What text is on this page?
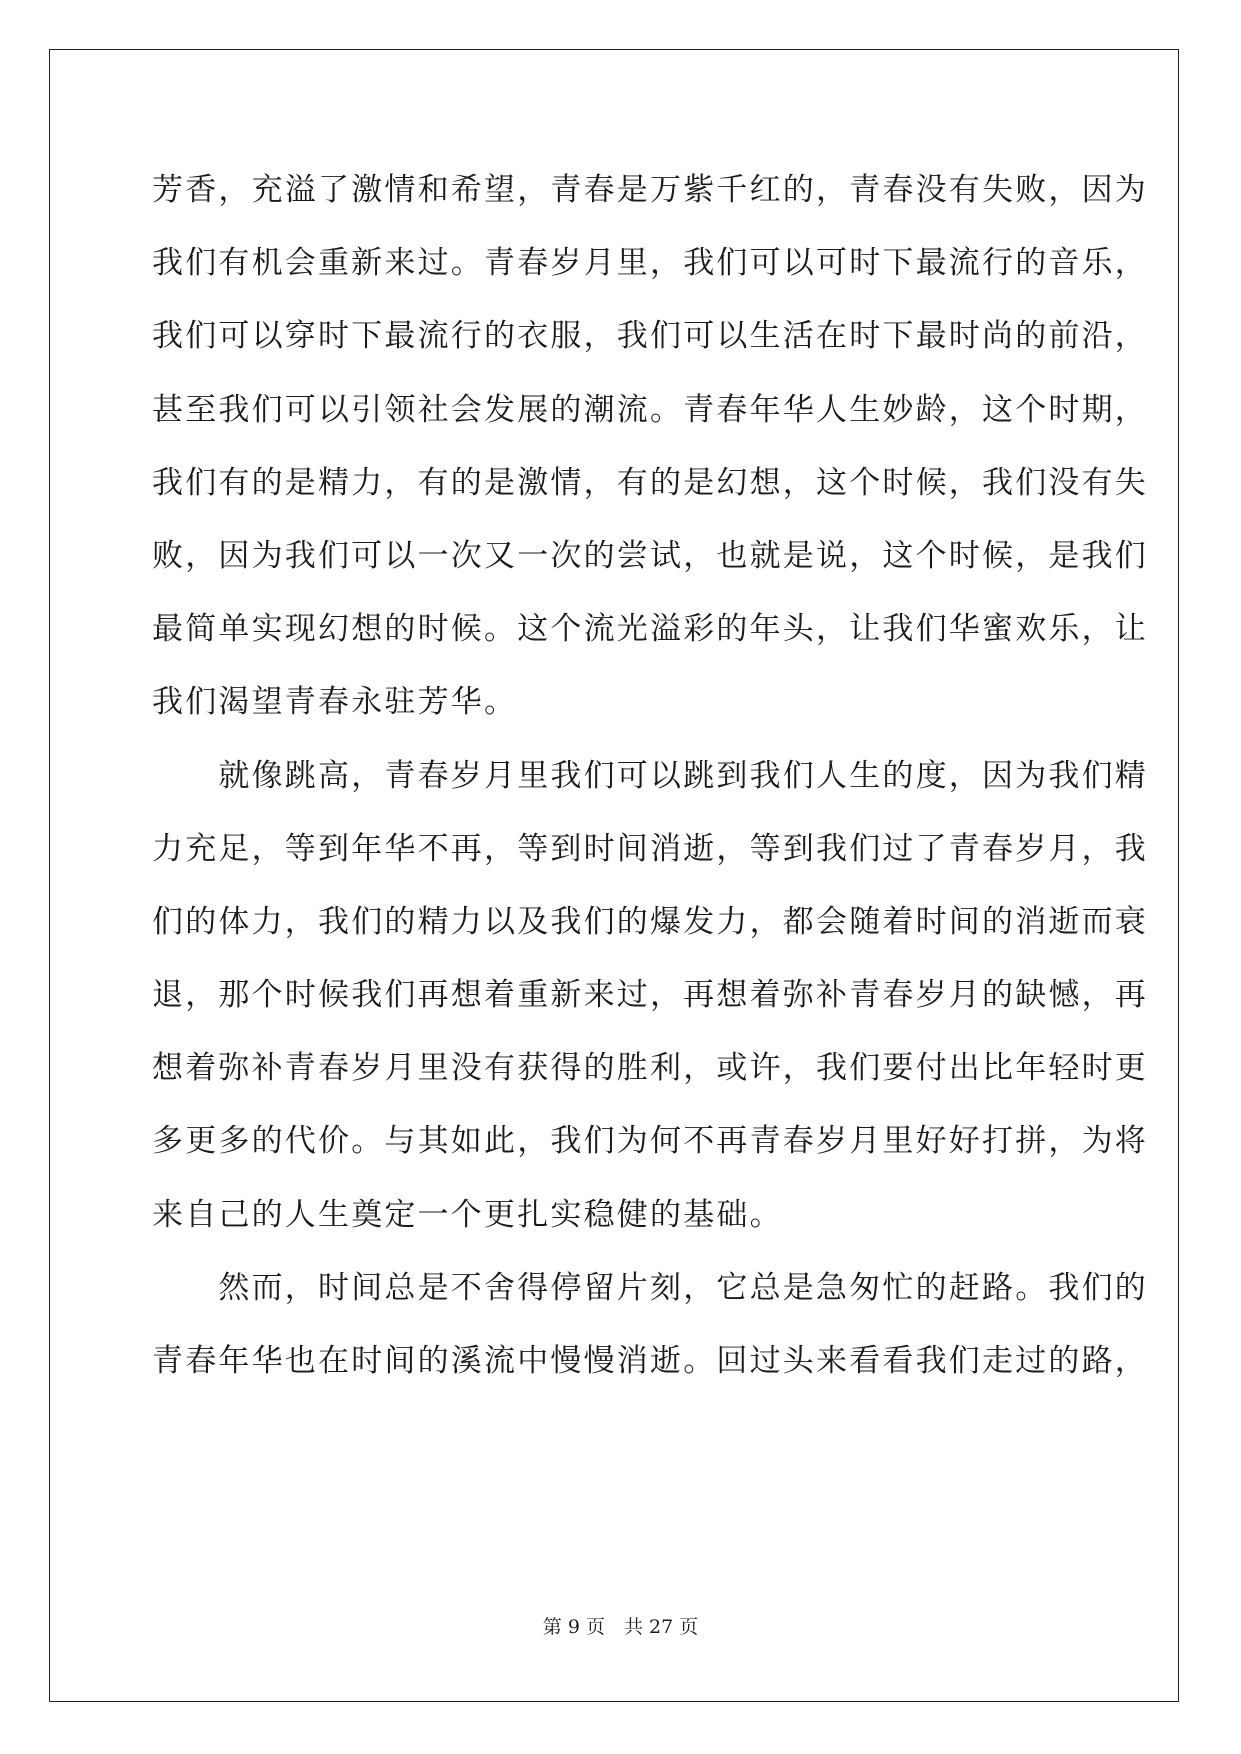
芳香，充溢了激情和希望，青春是万紫千红的，青春没有失败，因为
我们有机会重新来过。青春岁月里，我们可以可时下最流行的音乐，
我们可以穿时下最流行的衣服，我们可以生活在时下最时尚的前沿，
甚至我们可以引领社会发展的潮流。青春年华人生妙龄，这个时期，
我们有的是精力，有的是激情，有的是幻想，这个时候，我们没有失
败，因为我们可以一次又一次的尝试，也就是说，这个时候，是我们
最简单实现幻想的时候。这个流光溢彩的年头，让我们华蜜欢乐，让
我们渴望青春永驻芳华。
　　就像跳高，青春岁月里我们可以跳到我们人生的度，因为我们精
力充足，等到年华不再，等到时间消逝，等到我们过了青春岁月，我
们的体力，我们的精力以及我们的爆发力，都会随着时间的消逝而衰
退，那个时候我们再想着重新来过，再想着弥补青春岁月的缺憾，再
想着弥补青春岁月里没有获得的胜利，或许，我们要付出比年轻时更
多更多的代价。与其如此，我们为何不再青春岁月里好好打拼，为将
来自己的人生奠定一个更扎实稳健的基础。
　　然而，时间总是不舍得停留片刻，它总是急匆忙的赶路。我们的
青春年华也在时间的溪流中慢慢消逝。回过头来看看我们走过的路，
第 9 页　共 27 页
